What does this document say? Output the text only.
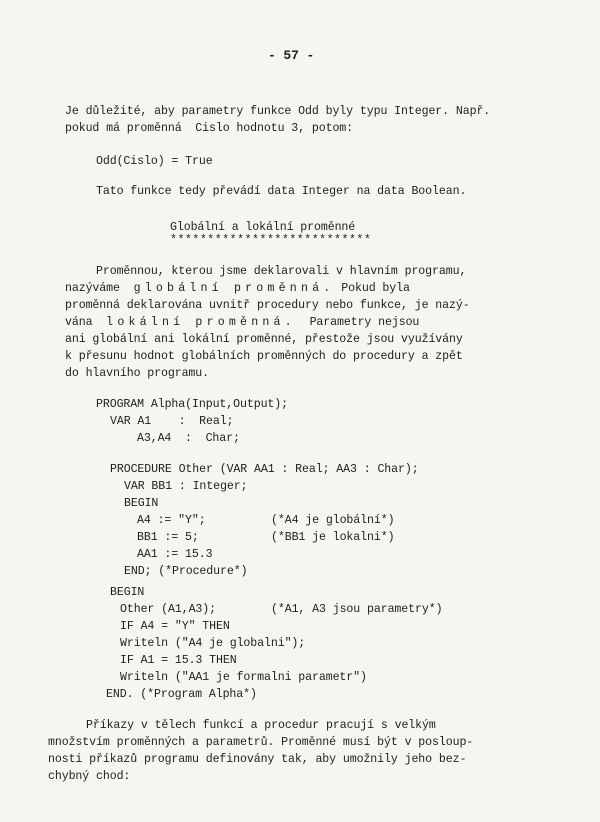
- 57 -
Je důležité, aby parametry funkce Odd byly typu Integer. Např.
pokud má proměnná  Cislo hodnotu 3, potom:
Odd(Cislo) = True
Tato funkce tedy převádí data Integer na data Boolean.
Globální a lokální proměnné
***************************
Proměnnou, kterou jsme deklarovali v hlavním programu,
nazýváme globální proměnná. Pokud byla
proměnná deklarována uvnitř procedury nebo funkce, je nazý-
vána lokální proměnná. Parametry nejsou
ani globální ani lokální proměnné, přestože jsou využívány
k přesunu hodnot globálních proměnných do procedury a zpět
do hlavního programu.
PROGRAM Alpha(Input,Output);
VAR A1    :  Real;
A3,A4  :  Char;
PROCEDURE Other (VAR AA1 : Real; AA3 : Char);
VAR BB1 : Integer;
BEGIN
A4 := "Y";	(*A4 je globální*)
BB1 := 5;	(*BB1 je lokalni*)
AA1 := 15.3
END; (*Procedure*)
BEGIN
Other (A1,A3);	(*A1, A3 jsou parametry*)
IF A4 = "Y" THEN
Writeln ("A4 je globalni");
IF A1 = 15.3 THEN
Writeln ("AA1 je formalni parametr")
END. (*Program Alpha*)
Příkazy v tělech funkcí a procedur pracují s velkým
množstvím proměnných a parametrů. Proměnné musí být v posloup-
nosti příkazů programu definovány tak, aby umožnily jeho bez-
chybný chod:
